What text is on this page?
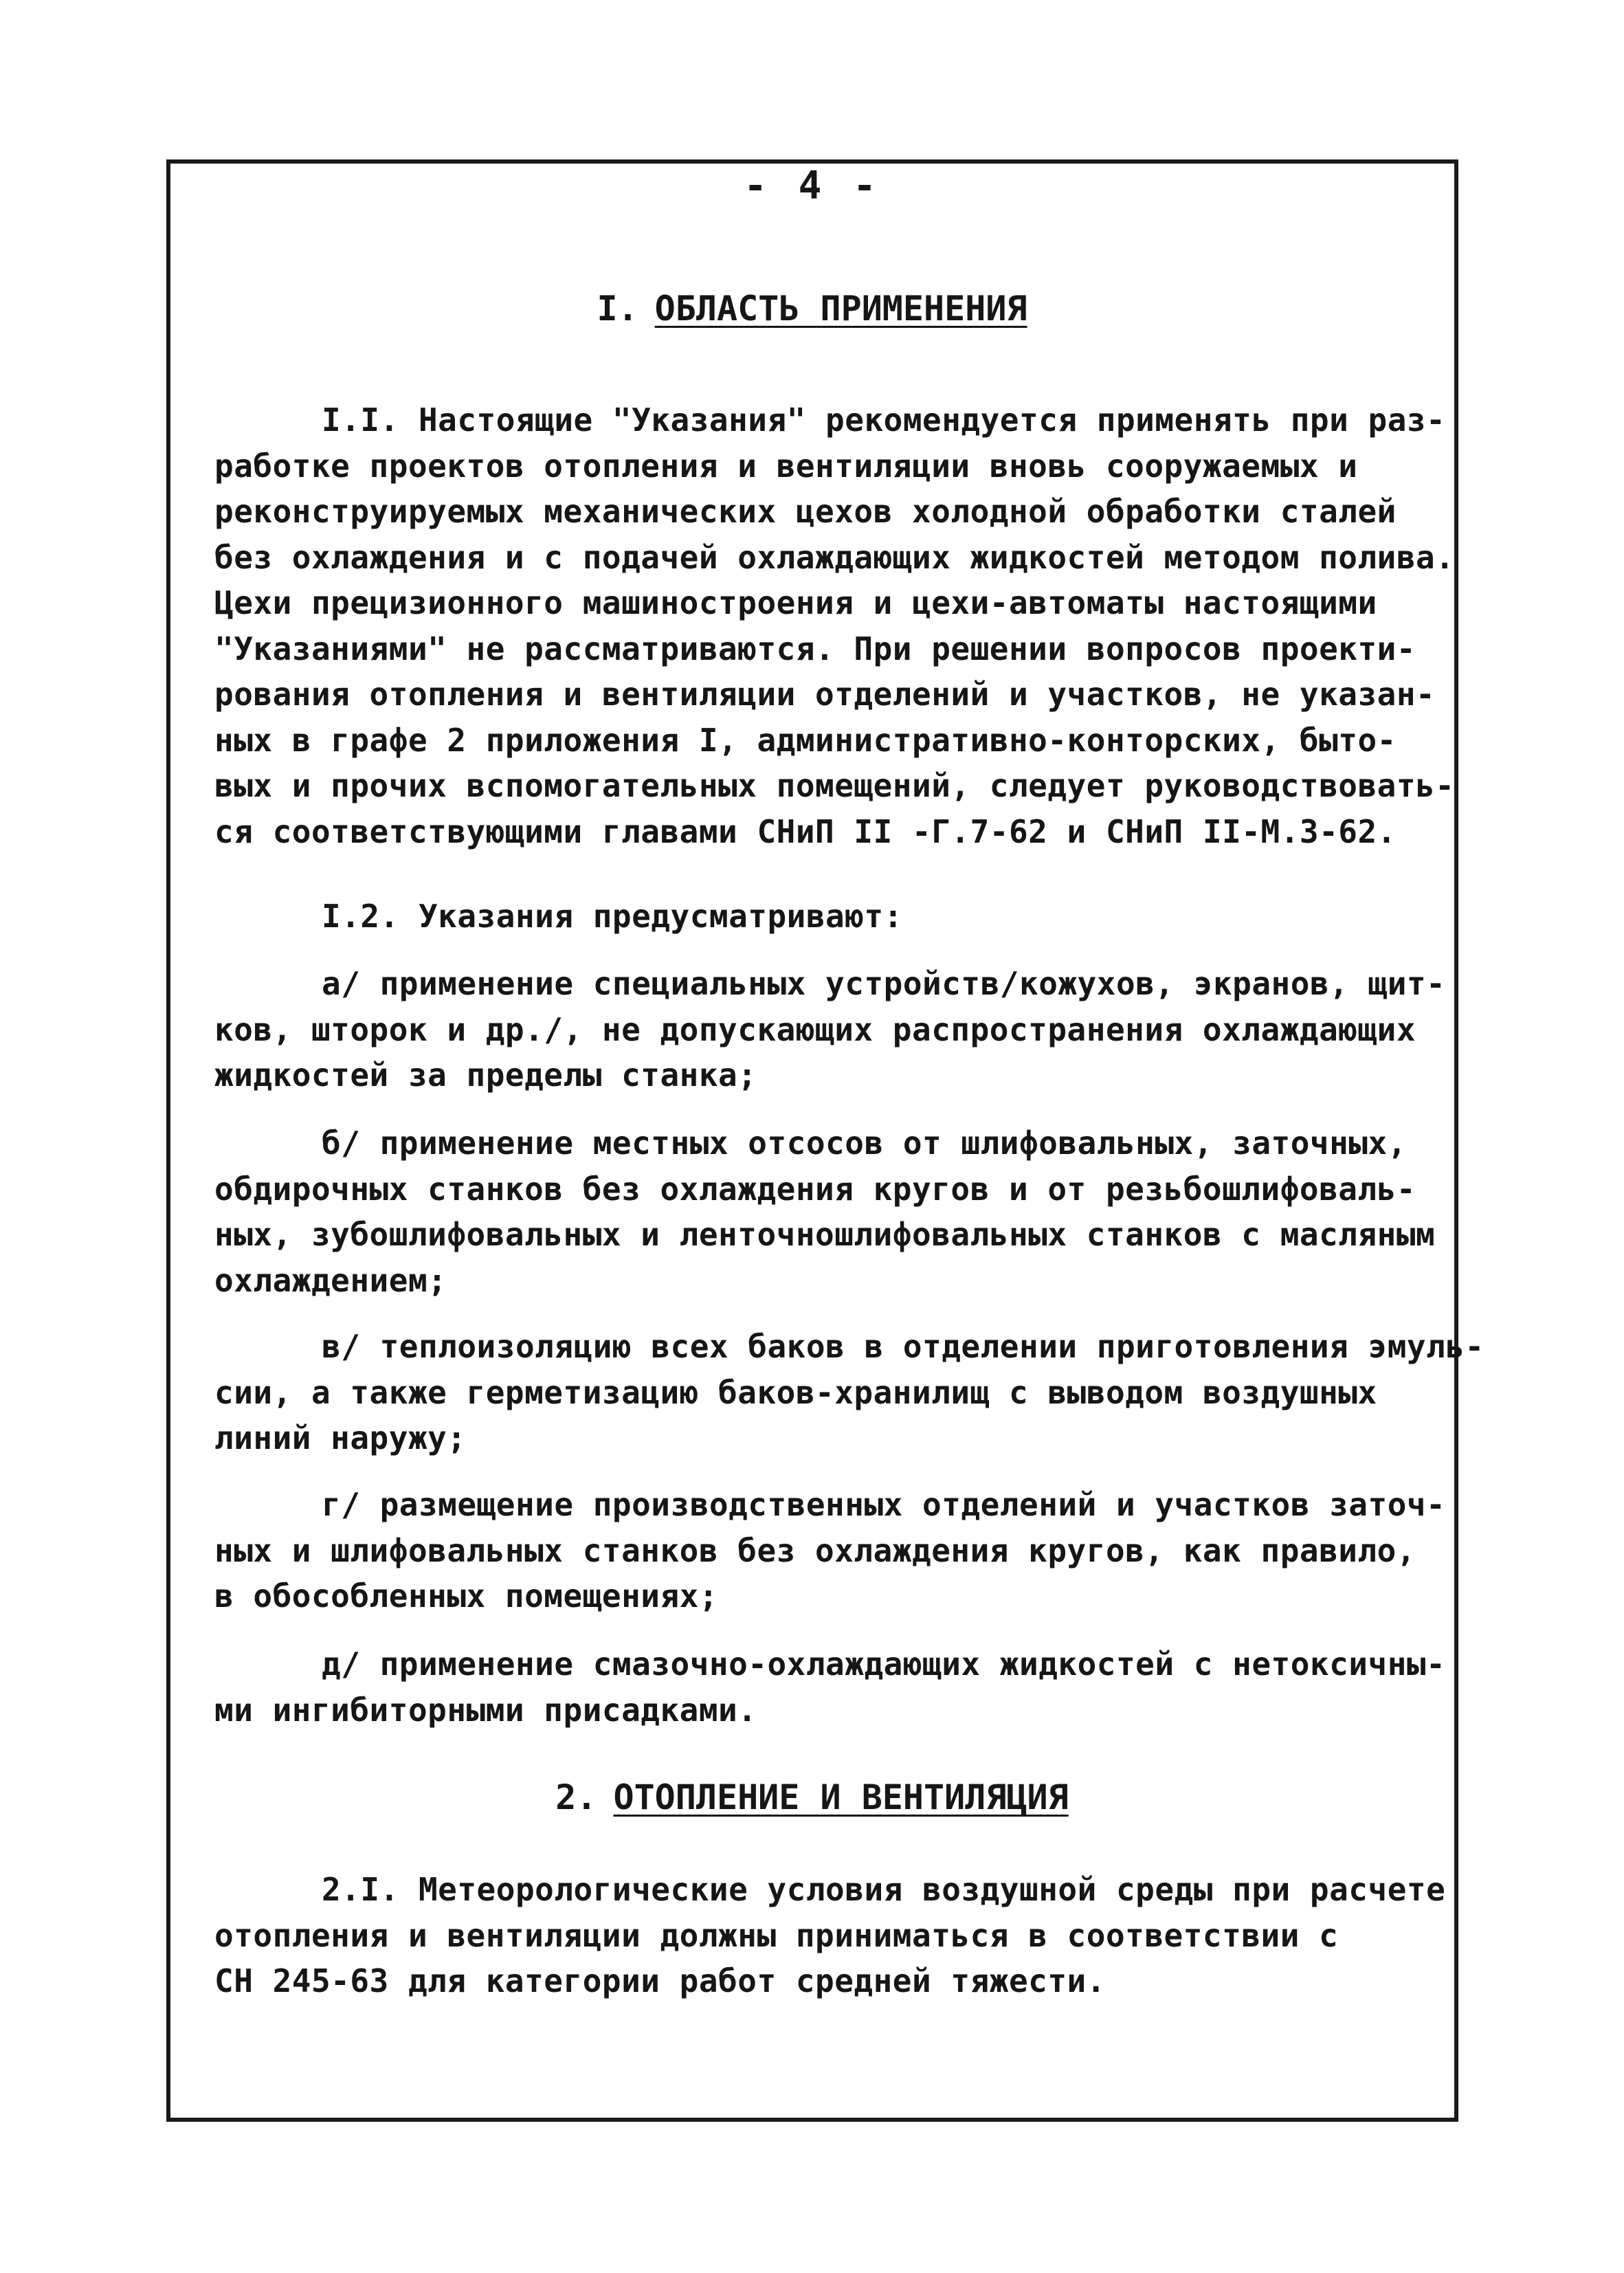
- 4 -
I. ОБЛАСТЬ ПРИМЕНЕНИЯ
I.I. Настоящие "Указания" рекомендуется применять при раз-
работке проектов отопления и вентиляции вновь сооружаемых и
реконструируемых механических цехов холодной обработки сталей
без охлаждения и с подачей охлаждающих жидкостей методом полива.
Цехи прецизионного машиностроения и цехи-автоматы настоящими
"Указаниями" не рассматриваются. При решении вопросов проекти-
рования отопления и вентиляции отделений и участков, не указан-
ных в графе 2 приложения I, административно-конторских, быто-
вых и прочих вспомогательных помещений, следует руководствовать-
ся соответствующими главами СНиП II -Г.7-62 и СНиП II-М.3-62.
I.2. Указания предусматривают:
а/ применение специальных устройств/кожухов, экранов, щит-
ков, шторок и др./, не допускающих распространения охлаждающих
жидкостей за пределы станка;
б/ применение местных отсосов от шлифовальных, заточных,
обдирочных станков без охлаждения кругов и от резьбошлифоваль-
ных, зубошлифовальных и ленточношлифовальных станков с масляным
охлаждением;
в/ теплоизоляцию всех баков в отделении приготовления эмуль-
сии, а также герметизацию баков-хранилищ с выводом воздушных
линий наружу;
г/ размещение производственных отделений и участков заточ-
ных и шлифовальных станков без охлаждения кругов, как правило,
в обособленных помещениях;
д/ применение смазочно-охлаждающих жидкостей с нетоксичны-
ми ингибиторными присадками.
2. ОТОПЛЕНИЕ И ВЕНТИЛЯЦИЯ
2.I. Метеорологические условия воздушной среды при расчете
отопления и вентиляции должны приниматься в соответствии с
СН 245-63 для категории работ средней тяжести.
